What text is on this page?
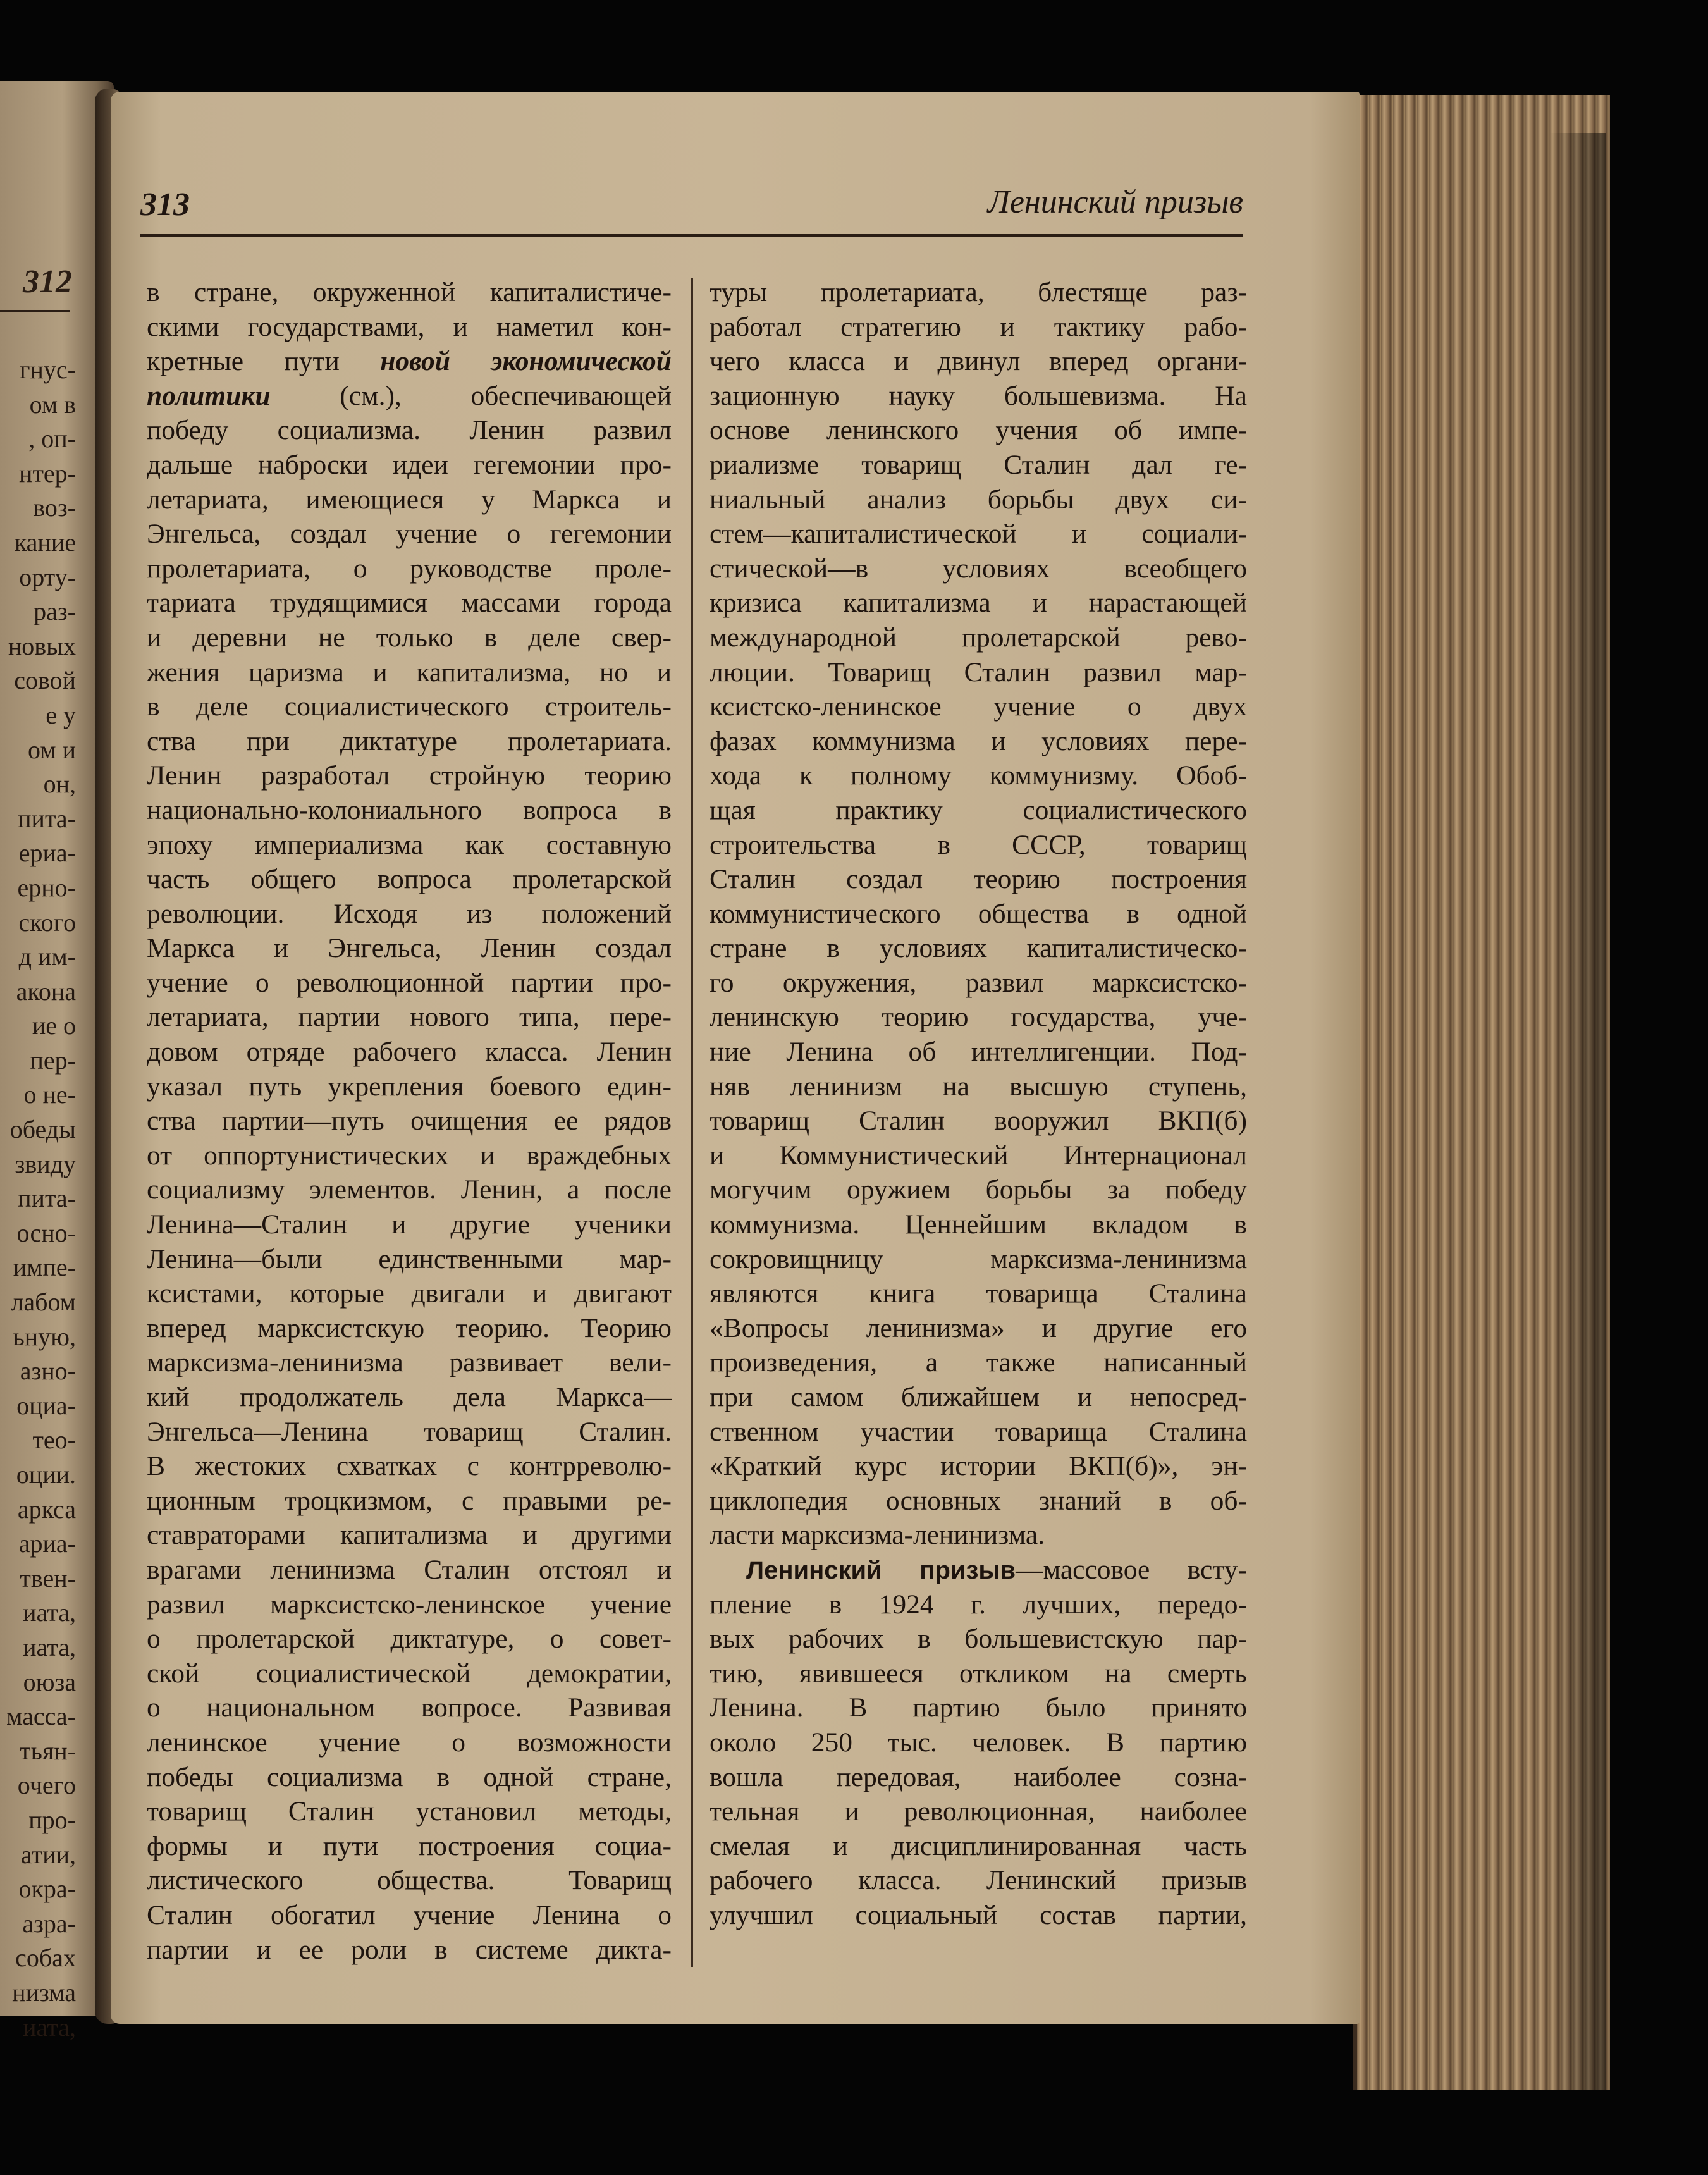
312
гнус-
ом в
, оп-
нтер-
воз-
кание
орту-
раз-
новых
совой
е у
ом и
он,
пита-
ериа-
ерно-
ского
д им-
акона
ие о
пер-
о не-
обеды
звиду
пита-
осно-
импе-
лабом
ьную,
азно-
оциа-
тео-
оции.
аркса
ариа-
твен-
иата,
иата,
оюза
масса-
тьян-
очего
про-
атии,
окра-
азра-
собах
низма
иата,
313	Ленинский призыв
в стране, окруженной капиталистиче-
скими государствами, и наметил кон-
кретные пути новой экономической
политики (см.), обеспечивающей
победу социализма. Ленин развил
дальше наброски идеи гегемонии про-
летариата, имеющиеся у Маркса и
Энгельса, создал учение о гегемонии
пролетариата, о руководстве проле-
тариата трудящимися массами города
и деревни не только в деле свер-
жения царизма и капитализма, но и
в деле социалистического строитель-
ства при диктатуре пролетариата.
Ленин разработал стройную теорию
национально-колониального вопроса в
эпоху империализма как составную
часть общего вопроса пролетарской
революции. Исходя из положений
Маркса и Энгельса, Ленин создал
учение о революционной партии про-
летариата, партии нового типа, пере-
довом отряде рабочего класса. Ленин
указал путь укрепления боевого един-
ства партии—путь очищения ее рядов
от оппортунистических и враждебных
социализму элементов. Ленин, а после
Ленина—Сталин и другие ученики
Ленина—были единственными мар-
ксистами, которые двигали и двигают
вперед марксистскую теорию. Теорию
марксизма-ленинизма развивает вели-
кий продолжатель дела Маркса—
Энгельса—Ленина товарищ Сталин.
В жестоких схватках с контрреволю-
ционным троцкизмом, с правыми ре-
ставраторами капитализма и другими
врагами ленинизма Сталин отстоял и
развил марксистско-ленинское учение
о пролетарской диктатуре, о совет-
ской социалистической демократии,
о национальном вопросе. Развивая
ленинское учение о возможности
победы социализма в одной стране,
товарищ Сталин установил методы,
формы и пути построения социа-
листического общества. Товарищ
Сталин обогатил учение Ленина о
партии и ее роли в системе дикта-
туры пролетариата, блестяще раз-
работал стратегию и тактику рабо-
чего класса и двинул вперед органи-
зационную науку большевизма. На
основе ленинского учения об импе-
риализме товарищ Сталин дал ге-
ниальный анализ борьбы двух си-
стем—капиталистической и социали-
стической—в условиях всеобщего
кризиса капитализма и нарастающей
международной пролетарской рево-
люции. Товарищ Сталин развил мар-
ксистско-ленинское учение о двух
фазах коммунизма и условиях пере-
хода к полному коммунизму. Обоб-
щая практику социалистического
строительства в СССР, товарищ
Сталин создал теорию построения
коммунистического общества в одной
стране в условиях капиталистическо-
го окружения, развил марксистско-
ленинскую теорию государства, уче-
ние Ленина об интеллигенции. Под-
няв ленинизм на высшую ступень,
товарищ Сталин вооружил ВКП(б)
и Коммунистический Интернационал
могучим оружием борьбы за победу
коммунизма. Ценнейшим вкладом в
сокровищницу марксизма-ленинизма
являются книга товарища Сталина
«Вопросы ленинизма» и другие его
произведения, а также написанный
при самом ближайшем и непосред-
ственном участии товарища Сталина
«Краткий курс истории ВКП(б)», эн-
циклопедия основных знаний в об-
ласти марксизма-ленинизма.
Ленинский призыв—массовое всту-
пление в 1924 г. лучших, передо-
вых рабочих в большевистскую пар-
тию, явившееся откликом на смерть
Ленина. В партию было принято
около 250 тыс. человек. В партию
вошла передовая, наиболее созна-
тельная и революционная, наиболее
смелая и дисциплинированная часть
рабочего класса. Ленинский призыв
улучшил социальный состав партии,
